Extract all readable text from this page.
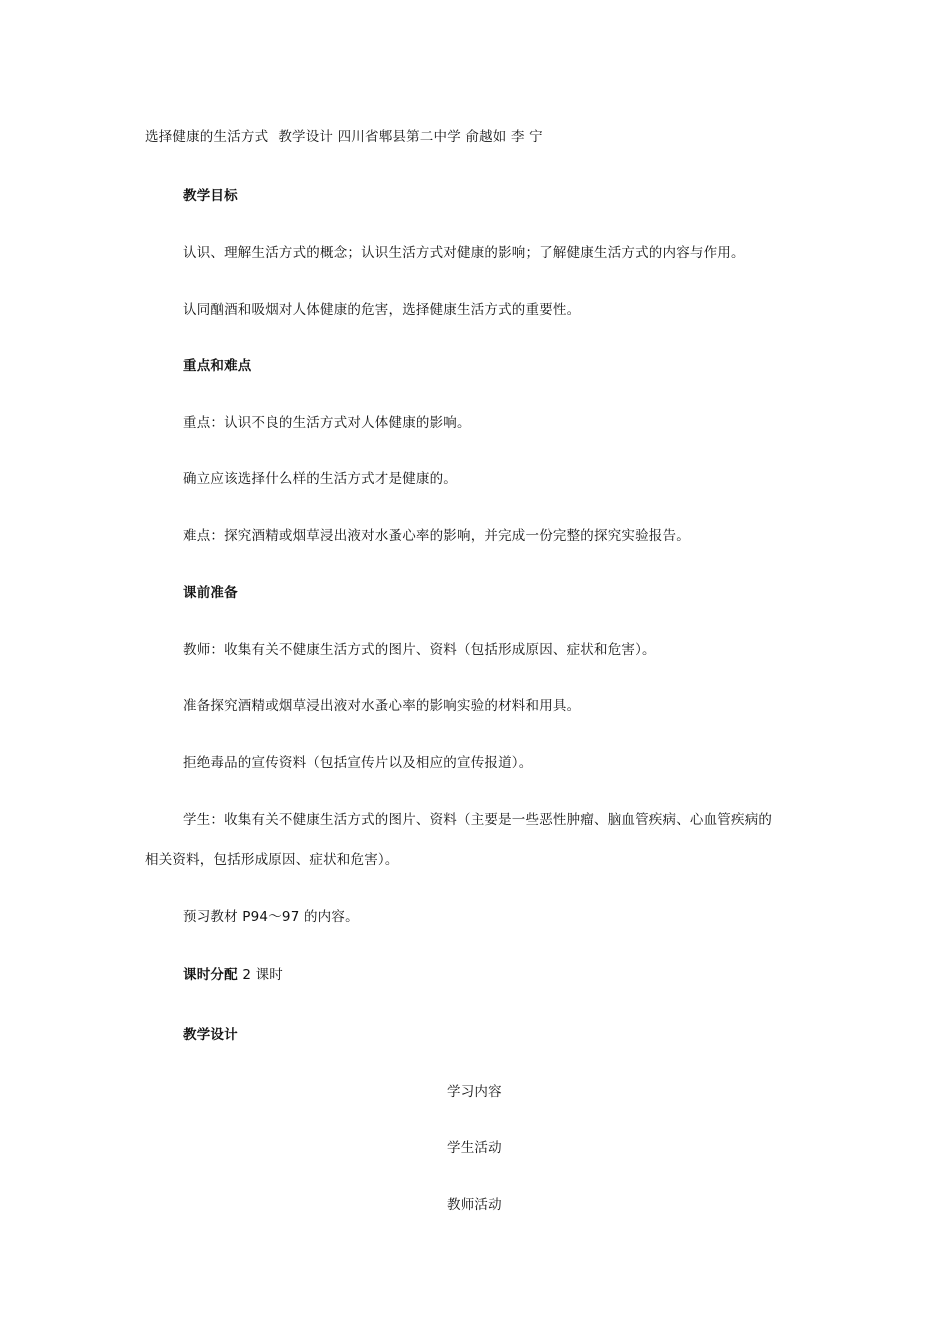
选择健康的生活方式 教学设计 四川省郫县第二中学 俞越如 李 宁
教学目标
认识、理解生活方式的概念；认识生活方式对健康的影响；了解健康生活方式的内容与作用。
认同酗酒和吸烟对人体健康的危害，选择健康生活方式的重要性。
重点和难点
重点：认识不良的生活方式对人体健康的影响。
确立应该选择什么样的生活方式才是健康的。
难点：探究酒精或烟草浸出液对水蚤心率的影响，并完成一份完整的探究实验报告。
课前准备
教师：收集有关不健康生活方式的图片、资料（包括形成原因、症状和危害）。
准备探究酒精或烟草浸出液对水蚤心率的影响实验的材料和用具。
拒绝毒品的宣传资料（包括宣传片以及相应的宣传报道）。
学生：收集有关不健康生活方式的图片、资料（主要是一些恶性肿瘤、脑血管疾病、心血管疾病的
相关资料，包括形成原因、症状和危害）。
预习教材 P94～97 的内容。
课时分配 2 课时
教学设计
学习内容
学生活动
教师活动
